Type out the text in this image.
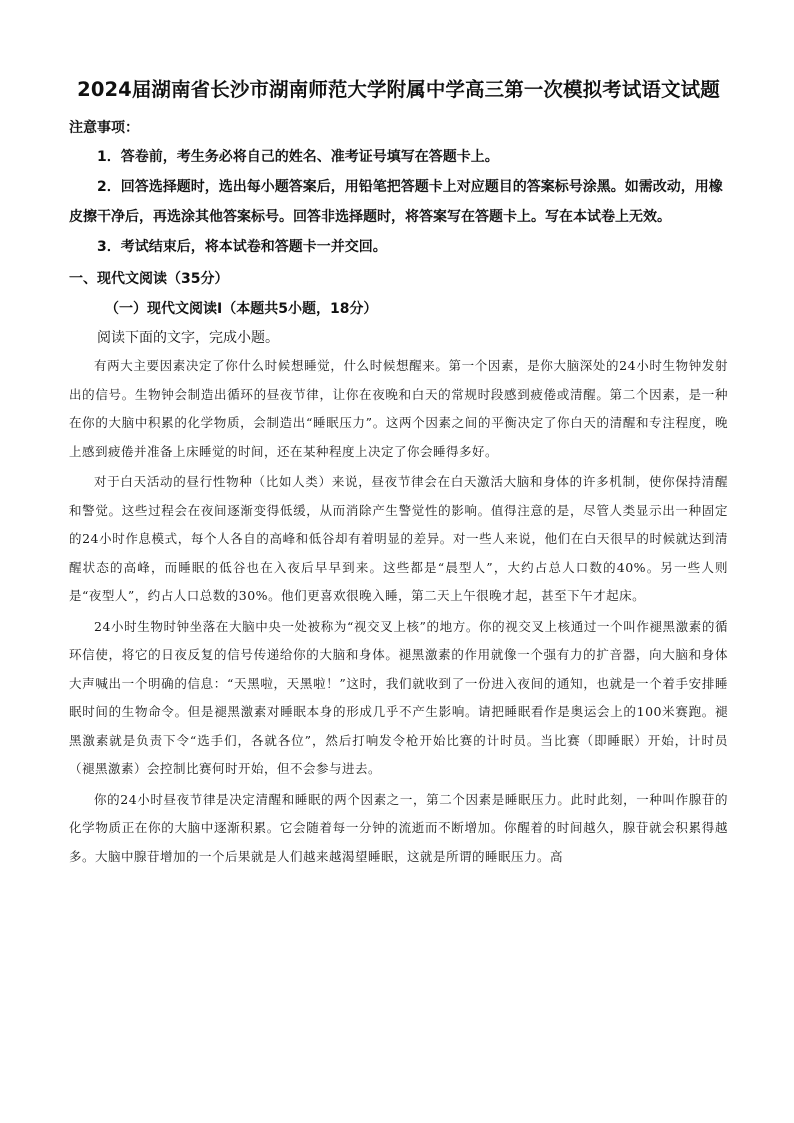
2024届湖南省长沙市湖南师范大学附属中学高三第一次模拟考试语文试题
注意事项：

1．答卷前，考生务必将自己的姓名、准考证号填写在答题卡上。

2．回答选择题时，选出每小题答案后，用铅笔把答题卡上对应题目的答案标号涂黑。如需改动，用橡皮擦干净后，再选涂其他答案标号。回答非选择题时，将答案写在答题卡上。写在本试卷上无效。

3．考试结束后，将本试卷和答题卡一并交回。

一、现代文阅读（35分）
（一）现代文阅读Ⅰ（本题共5小题，18分）

阅读下面的文字，完成小题。

有两大主要因素决定了你什么时候想睡觉，什么时候想醒来。第一个因素，是你大脑深处的24小时生物钟发射出的信号。生物钟会制造出循环的昼夜节律，让你在夜晚和白天的常规时段感到疲倦或清醒。第二个因素，是一种在你的大脑中积累的化学物质，会制造出“睡眠压力”。这两个因素之间的平衡决定了你白天的清醒和专注程度，晚上感到疲倦并准备上床睡觉的时间，还在某种程度上决定了你会睡得多好。

对于白天活动的昼行性物种（比如人类）来说，昼夜节律会在白天激活大脑和身体的许多机制，使你保持清醒和警觉。这些过程会在夜间逐渐变得低缓，从而消除产生警觉性的影响。值得注意的是，尽管人类显示出一种固定的24小时作息模式，每个人各自的高峰和低谷却有着明显的差异。对一些人来说，他们在白天很早的时候就达到清醒状态的高峰，而睡眠的低谷也在入夜后早早到来。这些都是“晨型人”，大约占总人口数的40%。另一些人则是“夜型人”，约占人口总数的30%。他们更喜欢很晚入睡，第二天上午很晚才起，甚至下午才起床。

24小时生物时钟坐落在大脑中央一处被称为“视交叉上核”的地方。你的视交叉上核通过一个叫作褪黑激素的循环信使，将它的日夜反复的信号传递给你的大脑和身体。褪黑激素的作用就像一个强有力的扩音器，向大脑和身体大声喊出一个明确的信息：“天黑啦，天黑啦！”这时，我们就收到了一份进入夜间的通知，也就是一个着手安排睡眠时间的生物命令。但是褪黑激素对睡眠本身的形成几乎不产生影响。请把睡眠看作是奥运会上的100米赛跑。褪黑激素就是负责下令“选手们，各就各位”，然后打响发令枪开始比赛的计时员。当比赛（即睡眠）开始，计时员（褪黑激素）会控制比赛何时开始，但不会参与进去。

你的24小时昼夜节律是决定清醒和睡眠的两个因素之一，第二个因素是睡眠压力。此时此刻，一种叫作腺苷的化学物质正在你的大脑中逐渐积累。它会随着每一分钟的流逝而不断增加。你醒着的时间越久，腺苷就会积累得越多。大脑中腺苷增加的一个后果就是人们越来越渴望睡眠，这就是所谓的睡眠压力。高
